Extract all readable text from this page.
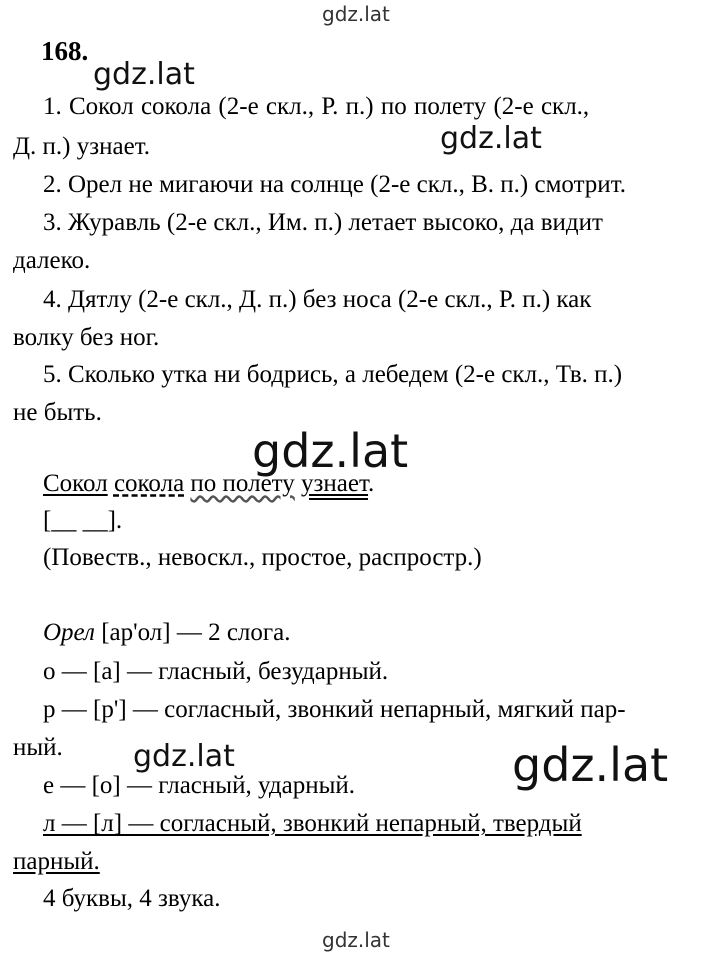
gdz.lat
168.
1. Сокол сокола (2-е скл., Р. п.) по полету (2-е скл.,
Д. п.) узнает.
2. Орел не мигаючи на солнце (2-е скл., В. п.) смотрит.
3. Журавль (2-е скл., Им. п.) летает высоко, да видит
далеко.
4. Дятлу (2-е скл., Д. п.) без носа (2-е скл., Р. п.) как
волку без ног.
5. Сколько утка ни бодрись, а лебедем (2-е скл., Тв. п.)
не быть.
Сокол сокола по полету узнает.
[__ __].
(Повеств., невоскл., простое, распростр.)
Орел [ар'ол] — 2 слога.
о — [а] — гласный, безударный.
р — [р'] — согласный, звонкий непарный, мягкий пар-
ный.
е — [о] — гласный, ударный.
л — [л] — согласный, звонкий непарный, твердый
парный.
4 буквы, 4 звука.
gdz.lat
gdz.lat
gdz.lat
gdz.lat	gdz.lat
gdz.lat
